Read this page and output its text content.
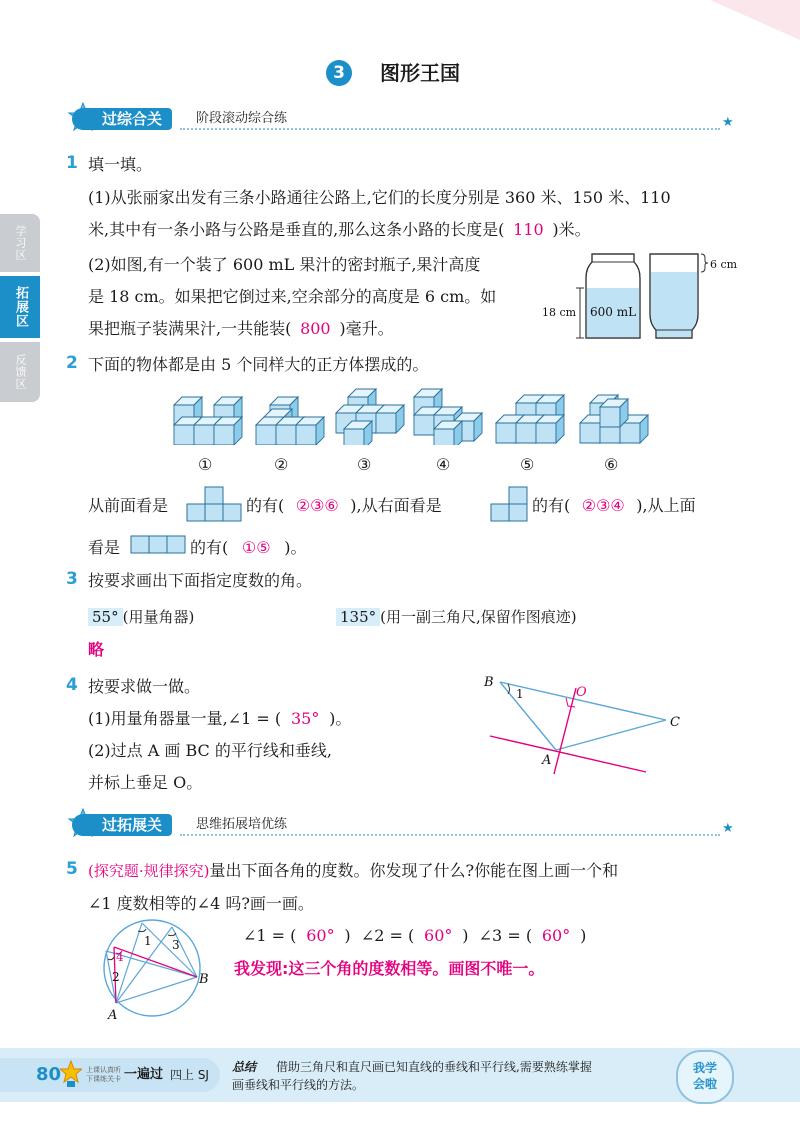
3	图形王国
学习区
拓展区
反馈区
过综合关	阶段滚动综合练	★
1 填一填。
(1)从张丽家出发有三条小路通往公路上,它们的长度分别是 360 米、150 米、110
米,其中有一条小路与公路是垂直的,那么这条小路的长度是( 110 )米。
(2)如图,有一个装了 600 mL 果汁的密封瓶子,果汁高度
是 18 cm。如果把它倒过来,空余部分的高度是 6 cm。如
果把瓶子装满果汁,一共能装( 800 )毫升。
600 mL
18 cm
6 cm
2 下面的物体都是由 5 个同样大的正方体摆成的。
①	②	③	④	⑤	⑥
从前面看是	的有( ②③⑥ ),从右面看是	的有( ②③④ ),从上面
看是	的有( ①⑤ )。
3 按要求画出下面指定度数的角。
55° (用量角器)	135° (用一副三角尺,保留作图痕迹)
略
4 按要求做一做。
(1)用量角器量一量,∠1 = ( 35° )。
(2)过点 A 画 BC 的平行线和垂线,
并标上垂足 O。
B
1	O
C
A
过拓展关	思维拓展培优练	★
5 (探究题·规律探究)量出下面各角的度数。你发现了什么?你能在图上画一个和
∠1 度数相等的∠4 吗?画一画。
1 3
4
2	B
A
∠1 = ( 60° )  ∠2 = ( 60° )  ∠3 = ( 60° )
我发现:这三个角的度数相等。画图不唯一。
80	上课认真听
下课练关卡 一遍过 四上 SJ
总结 借助三角尺和直尺画已知直线的垂线和平行线,需要熟练掌握
画垂线和平行线的方法。
我学
会啦
